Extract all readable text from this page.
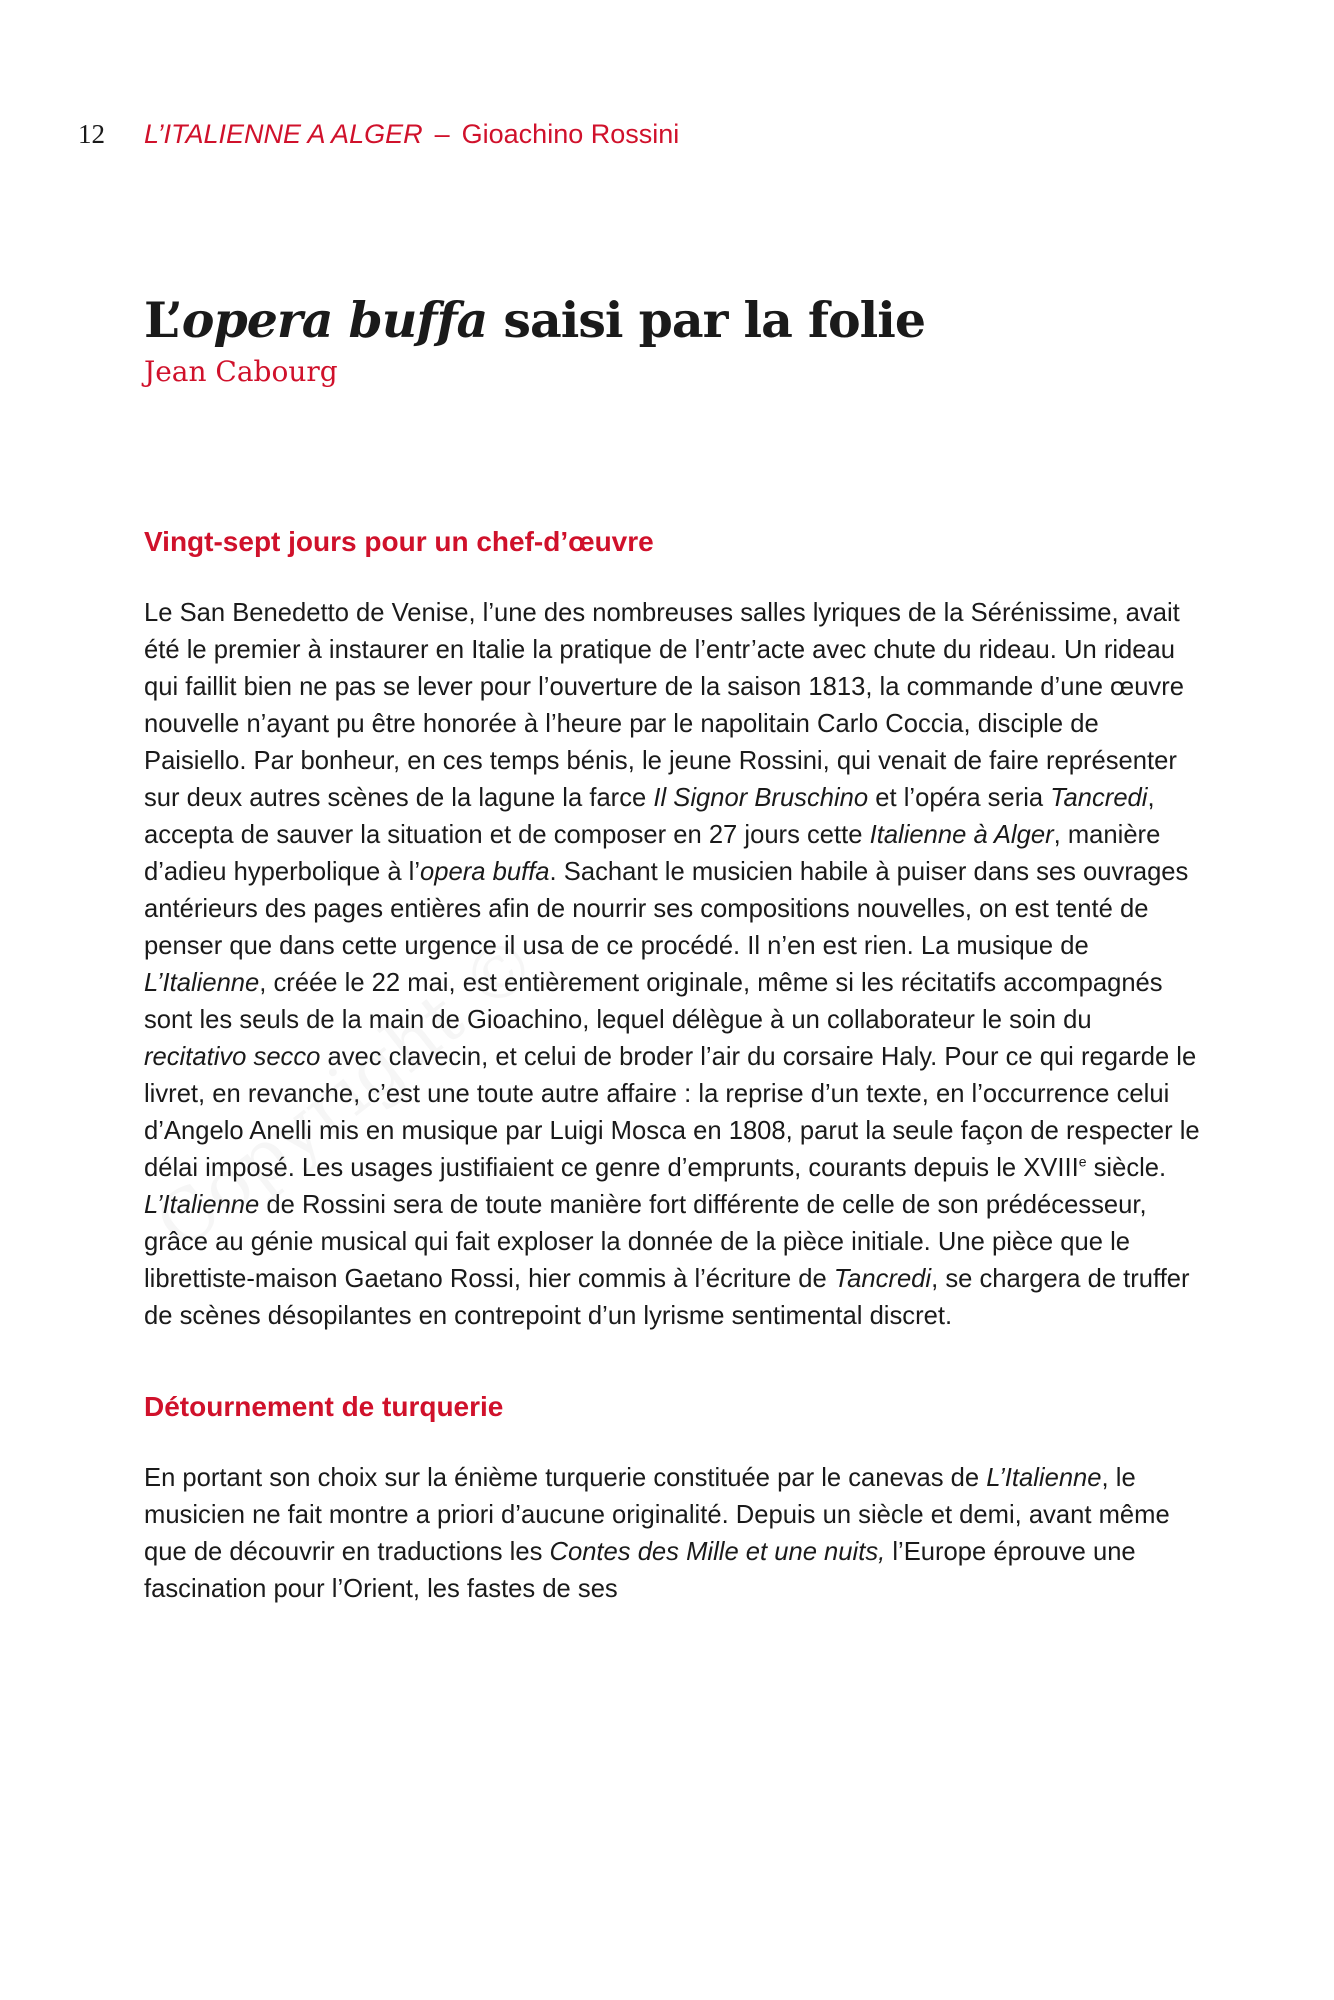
12 L’ITALIENNE A ALGER – Gioachino Rossini
L’opera buffa saisi par la folie

Jean Cabourg

Vingt-sept jours pour un chef-d’œuvre

Le San Benedetto de Venise, l’une des nombreuses salles lyriques de la Sérénissime, avait été le premier à instaurer en Italie la pratique de l’entr’acte avec chute du rideau. Un rideau qui faillit bien ne pas se lever pour l’ouverture de la saison 1813, la commande d’une œuvre nouvelle n’ayant pu être honorée à l’heure par le napolitain Carlo Coccia, disciple de Paisiello. Par bonheur, en ces temps bénis, le jeune Rossini, qui venait de faire représenter sur deux autres scènes de la lagune la farce Il Signor Bruschino et l’opéra seria Tancredi, accepta de sauver la situation et de composer en 27 jours cette Italienne à Alger, manière d’adieu hyperbolique à l’opera buffa. Sachant le musicien habile à puiser dans ses ouvrages antérieurs des pages entières afin de nourrir ses compositions nouvelles, on est tenté de penser que dans cette urgence il usa de ce procédé. Il n’en est rien. La musique de L’Italienne, créée le 22 mai, est entièrement originale, même si les récitatifs accompagnés sont les seuls de la main de Gioachino, lequel délègue à un collaborateur le soin du recitativo secco avec clavecin, et celui de broder l’air du corsaire Haly. Pour ce qui regarde le livret, en revanche, c’est une toute autre affaire : la reprise d’un texte, en l’occurrence celui d’Angelo Anelli mis en musique par Luigi Mosca en 1808, parut la seule façon de respecter le délai imposé. Les usages justifiaient ce genre d’emprunts, courants depuis le XVIIIe siècle. L’Italienne de Rossini sera de toute manière fort différente de celle de son prédécesseur, grâce au génie musical qui fait exploser la donnée de la pièce initiale. Une pièce que le librettiste-maison Gaetano Rossi, hier commis à l’écriture de Tancredi, se chargera de truffer de scènes désopilantes en contrepoint d’un lyrisme sentimental discret.

Détournement de turquerie

En portant son choix sur la énième turquerie constituée par le canevas de L’Italienne, le musicien ne fait montre a priori d’aucune originalité. Depuis un siècle et demi, avant même que de découvrir en traductions les Contes des Mille et une nuits, l’Europe éprouve une fascination pour l’Orient, les fastes de ses
